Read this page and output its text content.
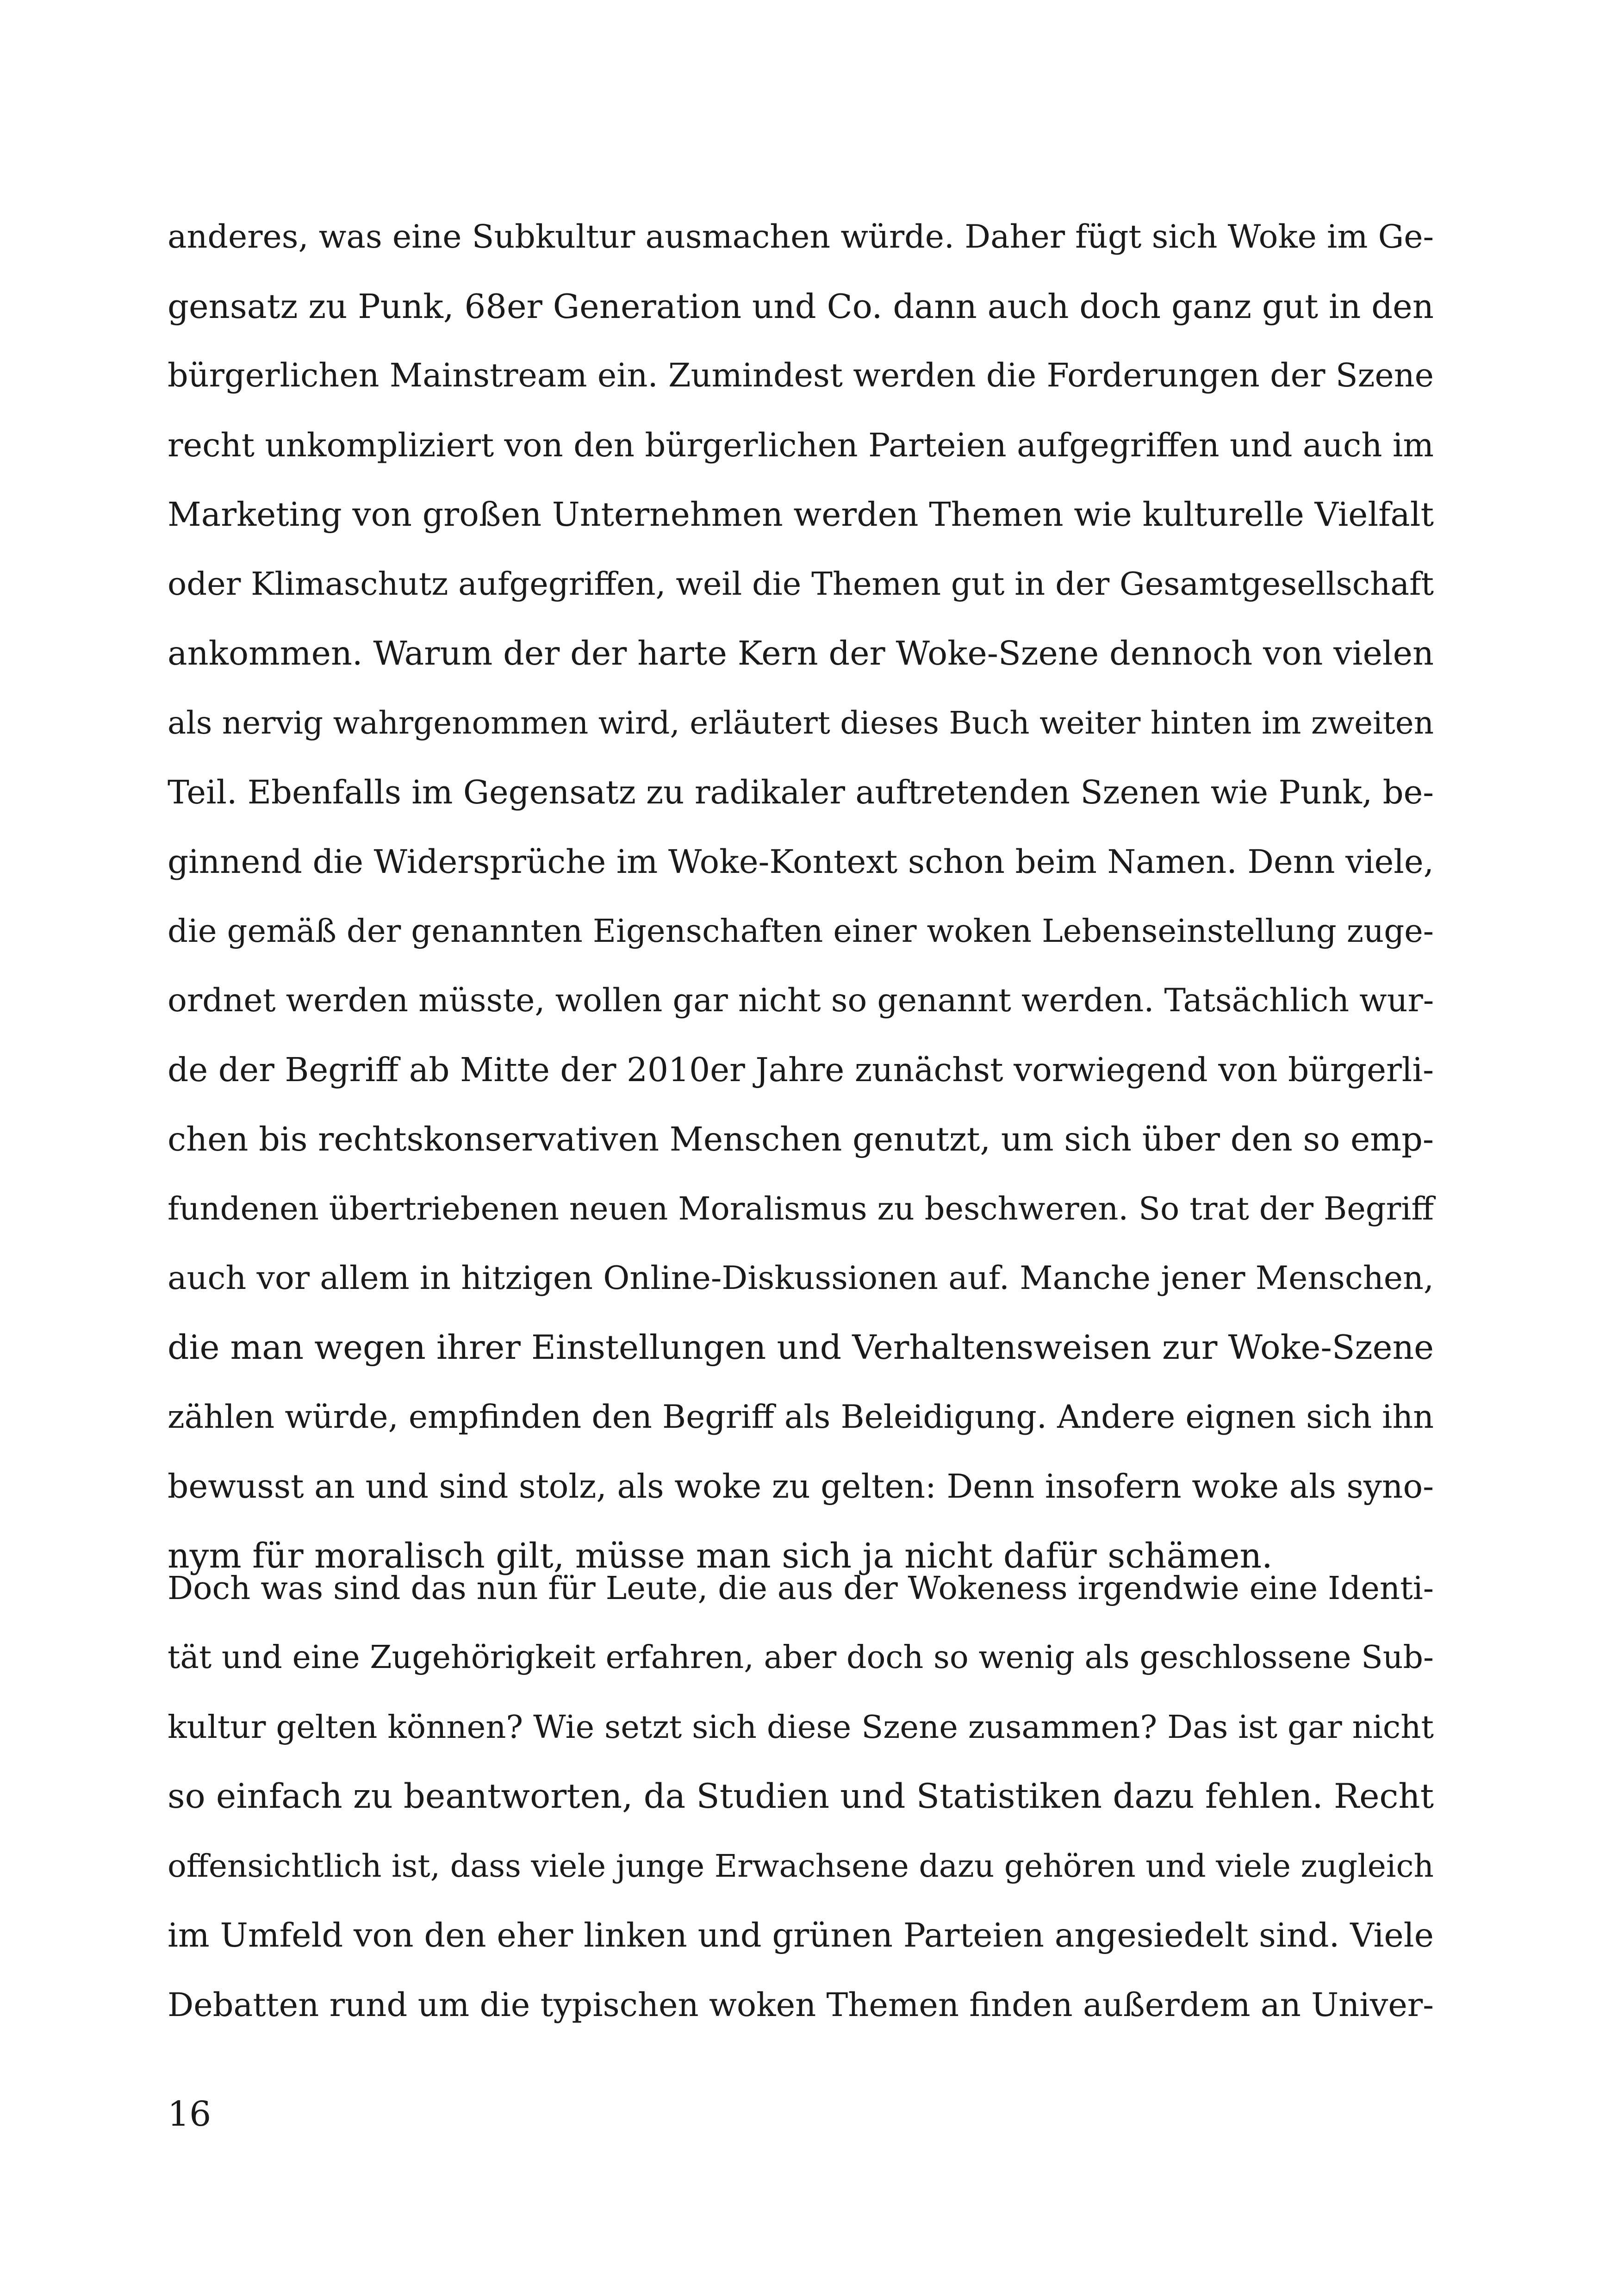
anderes, was eine Subkultur ausmachen würde. Daher fügt sich Woke im Ge-
gensatz zu Punk, 68er Generation und Co. dann auch doch ganz gut in den
bürgerlichen Mainstream ein. Zumindest werden die Forderungen der Szene
recht unkompliziert von den bürgerlichen Parteien aufgegriffen und auch im
Marketing von großen Unternehmen werden Themen wie kulturelle Vielfalt
oder Klimaschutz aufgegriffen, weil die Themen gut in der Gesamtgesellschaft
ankommen. Warum der der harte Kern der Woke-Szene dennoch von vielen
als nervig wahrgenommen wird, erläutert dieses Buch weiter hinten im zweiten
Teil. Ebenfalls im Gegensatz zu radikaler auftretenden Szenen wie Punk, be-
ginnend die Widersprüche im Woke-Kontext schon beim Namen. Denn viele,
die gemäß der genannten Eigenschaften einer woken Lebenseinstellung zuge-
ordnet werden müsste, wollen gar nicht so genannt werden. Tatsächlich wur-
de der Begriff ab Mitte der 2010er Jahre zunächst vorwiegend von bürgerli-
chen bis rechtskonservativen Menschen genutzt, um sich über den so emp-
fundenen übertriebenen neuen Moralismus zu beschweren. So trat der Begriff
auch vor allem in hitzigen Online-Diskussionen auf. Manche jener Menschen,
die man wegen ihrer Einstellungen und Verhaltensweisen zur Woke-Szene
zählen würde, empfinden den Begriff als Beleidigung. Andere eignen sich ihn
bewusst an und sind stolz, als woke zu gelten: Denn insofern woke als syno-
nym für moralisch gilt, müsse man sich ja nicht dafür schämen.
Doch was sind das nun für Leute, die aus der Wokeness irgendwie eine Identi-
tät und eine Zugehörigkeit erfahren, aber doch so wenig als geschlossene Sub-
kultur gelten können? Wie setzt sich diese Szene zusammen? Das ist gar nicht
so einfach zu beantworten, da Studien und Statistiken dazu fehlen. Recht
offensichtlich ist, dass viele junge Erwachsene dazu gehören und viele zugleich
im Umfeld von den eher linken und grünen Parteien angesiedelt sind. Viele
Debatten rund um die typischen woken Themen finden außerdem an Univer-
16
